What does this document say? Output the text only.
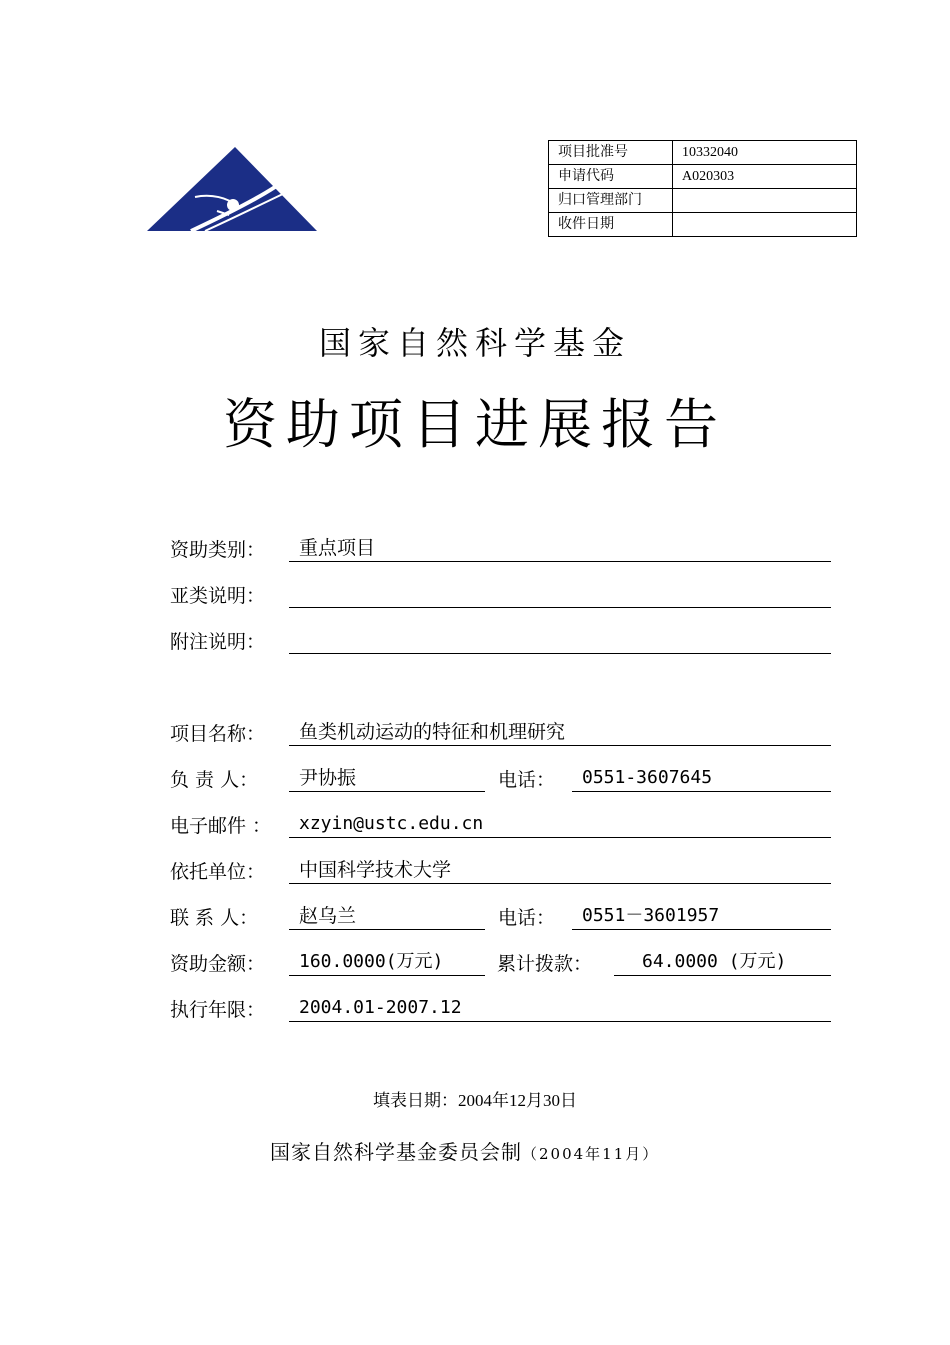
项目批准号	10332040
申请代码	A020303
归口管理部门	
收件日期	
国家自然科学基金
资助项目进展报告
资助类别：	重点项目
亚类说明：
附注说明：
项目名称：	鱼类机动运动的特征和机理研究
负 责 人：	尹协振	电话：	0551-3607645
电子邮件 ：	xzyin@ustc.edu.cn
依托单位：	中国科学技术大学
联 系 人：	赵乌兰	电话：	0551－3601957
资助金额：	160.0000(万元)	累计拨款：	64.0000 (万元)
执行年限：	2004.01-2007.12
填表日期：2004年12月30日
国家自然科学基金委员会制（2004年11月）
